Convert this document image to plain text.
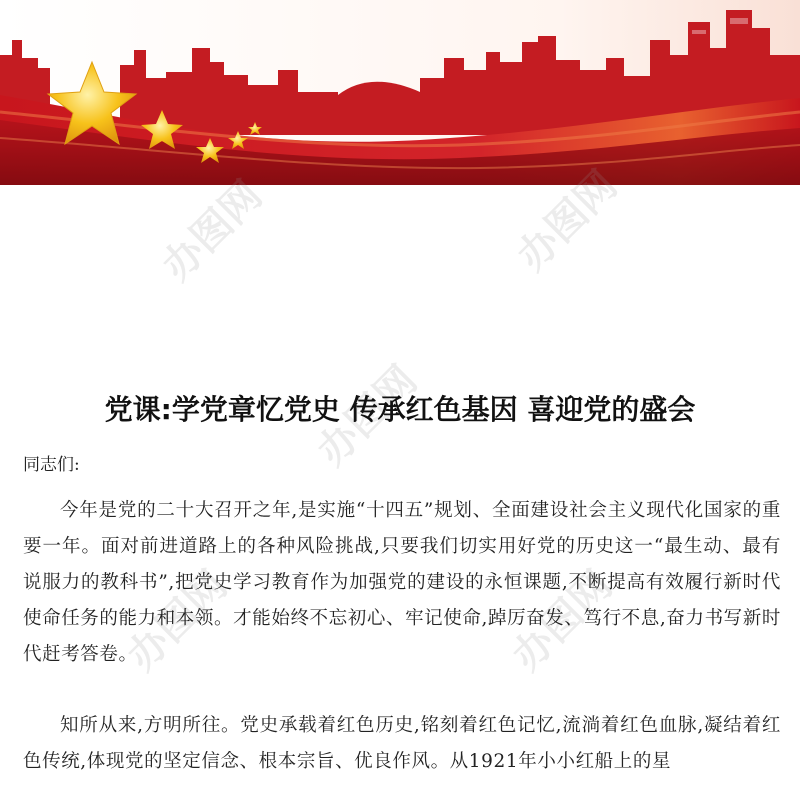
办图网	办图网
办图网
办图网	办图网
党课:学党章忆党史 传承红色基因 喜迎党的盛会

同志们:

今年是党的二十大召开之年,是实施“十四五”规划、全面建设社会主义现代化国家的重要一年。面对前进道路上的各种风险挑战,只要我们切实用好党的历史这一“最生动、最有说服力的教科书”,把党史学习教育作为加强党的建设的永恒课题,不断提高有效履行新时代使命任务的能力和本领。才能始终不忘初心、牢记使命,踔厉奋发、笃行不息,奋力书写新时代赶考答卷。

知所从来,方明所往。党史承载着红色历史,铭刻着红色记忆,流淌着红色血脉,凝结着红色传统,体现党的坚定信念、根本宗旨、优良作风。从1921年小小红船上的星
